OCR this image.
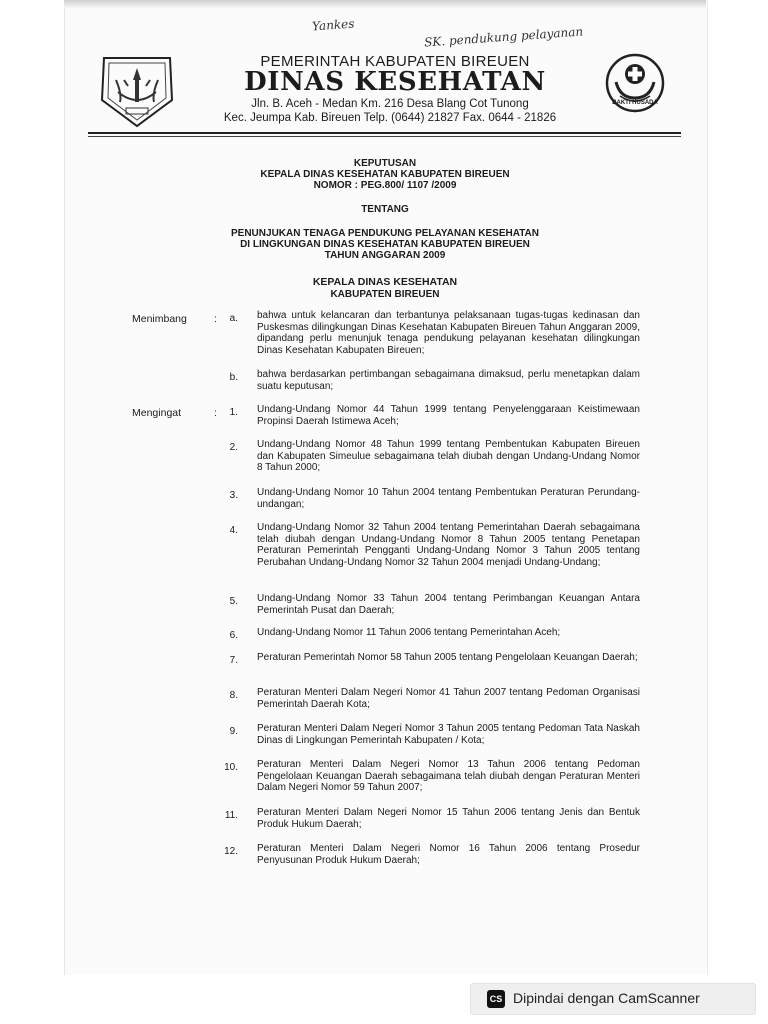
Yankes	SK. pendukung pelayanan
BAKTI HUSADA
PEMERINTAH KABUPATEN BIREUEN
DINAS KESEHATAN
Jln. B. Aceh - Medan Km. 216 Desa Blang Cot Tunong
Kec. Jeumpa Kab. Bireuen Telp. (0644) 21827 Fax. 0644 - 21826
KEPUTUSAN
KEPALA DINAS KESEHATAN KABUPATEN BIREUEN
NOMOR : PEG.800/ 1107 /2009
TENTANG
PENUNJUKAN TENAGA PENDUKUNG PELAYANAN KESEHATAN
DI LINGKUNGAN DINAS KESEHATAN KABUPATEN BIREUEN
TAHUN ANGGARAN 2009
KEPALA DINAS KESEHATAN
KABUPATEN BIREUEN
Menimbang	:	a. bahwa untuk kelancaran dan terbantunya pelaksanaan tugas-tugas kedinasan dan Puskesmas dilingkungan Dinas Kesehatan Kabupaten Bireuen Tahun Anggaran 2009, dipandang perlu menunjuk tenaga pendukung pelayanan kesehatan dilingkungan Dinas Kesehatan Kabupaten Bireuen;

b. bahwa berdasarkan pertimbangan sebagaimana dimaksud, perlu menetapkan dalam suatu keputusan;

Mengingat	:	1. Undang-Undang Nomor 44 Tahun 1999 tentang Penyelenggaraan Keistimewaan Propinsi Daerah Istimewa Aceh;

2. Undang-Undang Nomor 48 Tahun 1999 tentang Pembentukan Kabupaten Bireuen dan Kabupaten Simeulue sebagaimana telah diubah dengan Undang-Undang Nomor 8 Tahun 2000;

3. Undang-Undang Nomor 10 Tahun 2004 tentang Pembentukan Peraturan Perundang-undangan;

4. Undang-Undang Nomor 32 Tahun 2004 tentang Pemerintahan Daerah sebagaimana telah diubah dengan Undang-Undang Nomor 8 Tahun 2005 tentang Penetapan Peraturan Pemerintah Pengganti Undang-Undang Nomor 3 Tahun 2005 tentang Perubahan Undang-Undang Nomor 32 Tahun 2004 menjadi Undang-Undang;

5. Undang-Undang Nomor 33 Tahun 2004 tentang Perimbangan Keuangan Antara Pemerintah Pusat dan Daerah;

6. Undang-Undang Nomor 11 Tahun 2006 tentang Pemerintahan Aceh;

7. Peraturan Pemerintah Nomor 58 Tahun 2005 tentang Pengelolaan Keuangan Daerah;

8. Peraturan Menteri Dalam Negeri Nomor 41 Tahun 2007 tentang Pedoman Organisasi Pemerintah Daerah Kota;

9. Peraturan Menteri Dalam Negeri Nomor 3 Tahun 2005 tentang Pedoman Tata Naskah Dinas di Lingkungan Pemerintah Kabupaten / Kota;

10. Peraturan Menteri Dalam Negeri Nomor 13 Tahun 2006 tentang Pedoman Pengelolaan Keuangan Daerah sebagaimana telah diubah dengan Peraturan Menteri Dalam Negeri Nomor 59 Tahun 2007;

11. Peraturan Menteri Dalam Negeri Nomor 15 Tahun 2006 tentang Jenis dan Bentuk Produk Hukum Daerah;

12. Peraturan Menteri Dalam Negeri Nomor 16 Tahun 2006 tentang Prosedur Penyusunan Produk Hukum Daerah;

CS Dipindai dengan CamScanner
